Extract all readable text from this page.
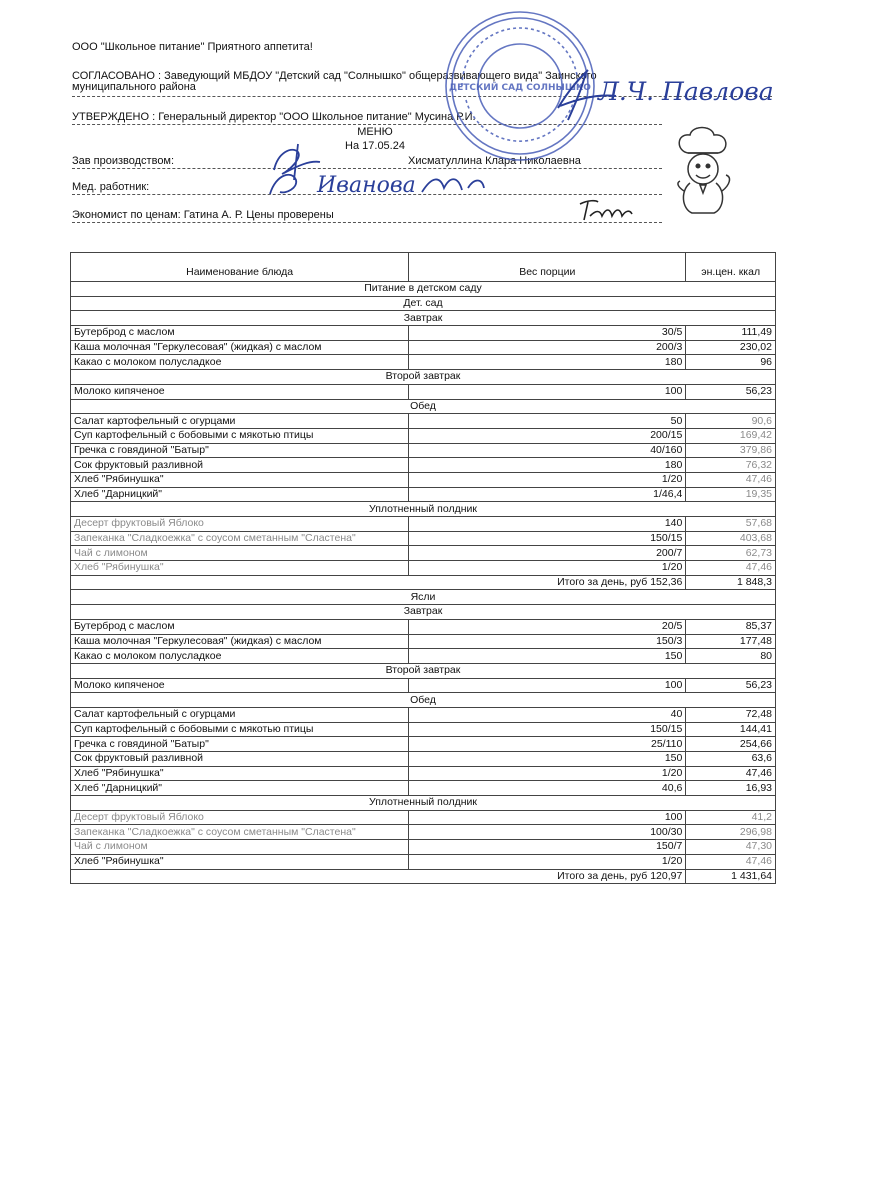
ООО "Школьное питание" Приятного аппетита!
СОГЛАСОВАНО : Заведующий МБДОУ "Детский сад "Солнышко" общеразвивающего вида" Заинского
муниципального района
УТВЕРЖДЕНО : Генеральный директор "ООО Школьное питание" Мусина Р.И.
МЕНЮ
На 17.05.24
Зав производством:	Хисматуллина Клара Николаевна
Мед. работник:
Экономист по ценам: Гатина А. Р. Цены проверены
ДЕТСКИЙ САД СОЛНЫШКО Л.Ч. Павлова
Иванова
Наименование блюда	Вес порции	эн.цен. ккал
Питание в детском саду		
Дет. сад		
Завтрак		
Бутерброд с маслом	30/5	111,49
Каша молочная "Геркулесовая" (жидкая) с маслом	200/3	230,02
Какао с молоком полусладкое	180	96
Второй завтрак		
Молоко кипяченое	100	56,23
Обед		
Салат картофельный с огурцами	50	90,6
Суп картофельный с бобовыми с мякотью птицы	200/15	169,42
Гречка с говядиной "Батыр"	40/160	379,86
Сок фруктовый разливной	180	76,32
Хлеб "Рябинушка"	1/20	47,46
Хлеб "Дарницкий"	1/46,4	19,35
Уплотненный полдник		
Десерт фруктовый Яблоко	140	57,68
Запеканка "Сладкоежка" с соусом сметанным "Сластена"	150/15	403,68
Чай с лимоном	200/7	62,73
Хлеб "Рябинушка"	1/20	47,46
Итого за день, руб 152,36		1 848,3
Ясли		
Завтрак		
Бутерброд с маслом	20/5	85,37
Каша молочная "Геркулесовая" (жидкая) с маслом	150/3	177,48
Какао с молоком полусладкое	150	80
Второй завтрак		
Молоко кипяченое	100	56,23
Обед		
Салат картофельный с огурцами	40	72,48
Суп картофельный с бобовыми с мякотью птицы	150/15	144,41
Гречка с говядиной "Батыр"	25/110	254,66
Сок фруктовый разливной	150	63,6
Хлеб "Рябинушка"	1/20	47,46
Хлеб "Дарницкий"	40,6	16,93
Уплотненный полдник		
Десерт фруктовый Яблоко	100	41,2
Запеканка "Сладкоежка" с соусом сметанным "Сластена"	100/30	296,98
Чай с лимоном	150/7	47,30
Хлеб "Рябинушка"	1/20	47,46
Итого за день, руб 120,97		1 431,64
